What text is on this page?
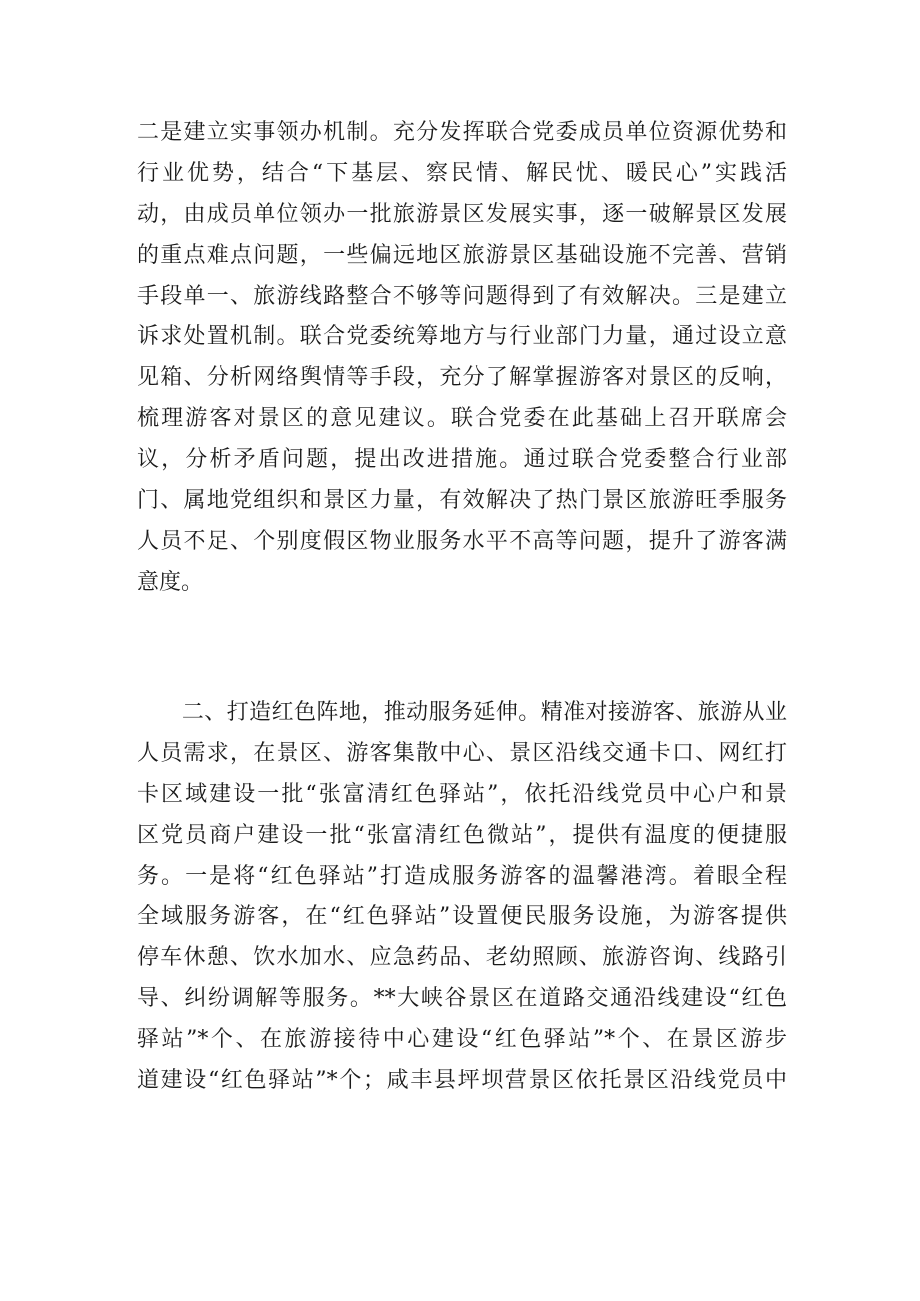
二是建立实事领办机制。充分发挥联合党委成员单位资源优势和
行业优势，结合“下基层、察民情、解民忧、暖民心”实践活
动，由成员单位领办一批旅游景区发展实事，逐一破解景区发展
的重点难点问题，一些偏远地区旅游景区基础设施不完善、营销
手段单一、旅游线路整合不够等问题得到了有效解决。三是建立
诉求处置机制。联合党委统筹地方与行业部门力量，通过设立意
见箱、分析网络舆情等手段，充分了解掌握游客对景区的反响，
梳理游客对景区的意见建议。联合党委在此基础上召开联席会
议，分析矛盾问题，提出改进措施。通过联合党委整合行业部
门、属地党组织和景区力量，有效解决了热门景区旅游旺季服务
人员不足、个别度假区物业服务水平不高等问题，提升了游客满
意度。
　　二、打造红色阵地，推动服务延伸。精准对接游客、旅游从业
人员需求，在景区、游客集散中心、景区沿线交通卡口、网红打
卡区域建设一批“张富清红色驿站”，依托沿线党员中心户和景
区党员商户建设一批“张富清红色微站”，提供有温度的便捷服
务。一是将“红色驿站”打造成服务游客的温馨港湾。着眼全程
全域服务游客，在“红色驿站”设置便民服务设施，为游客提供
停车休憩、饮水加水、应急药品、老幼照顾、旅游咨询、线路引
导、纠纷调解等服务。**大峡谷景区在道路交通沿线建设“红色
驿站”*个、在旅游接待中心建设“红色驿站”*个、在景区游步
道建设“红色驿站”*个；咸丰县坪坝营景区依托景区沿线党员中
